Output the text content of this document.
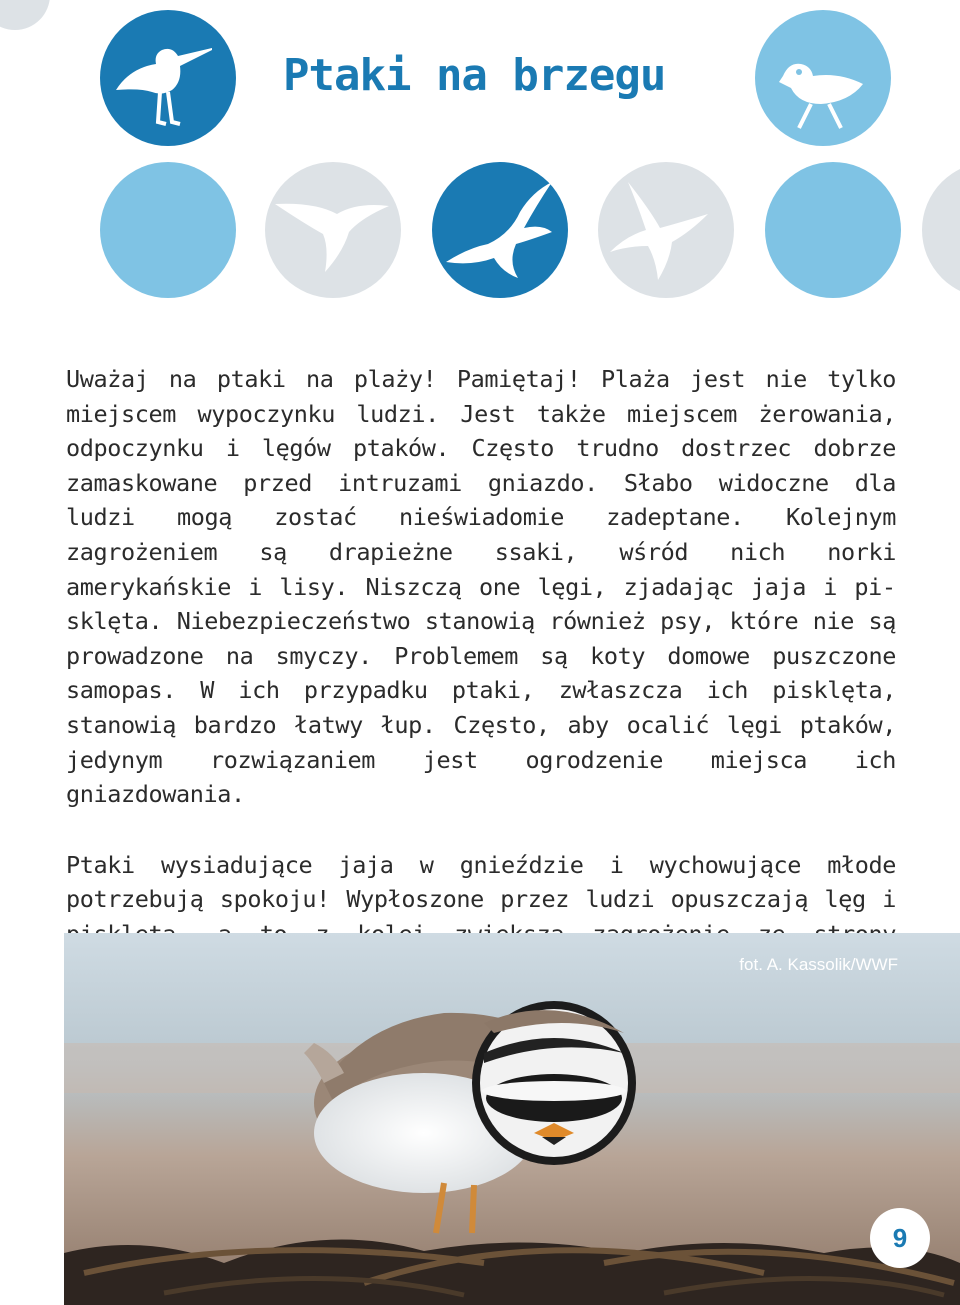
Ptaki na brzegu

Uważaj na ptaki na plaży! Pamiętaj! Plaża jest nie tylko miejscem wypoczynku ludzi. Jest także miejscem żerowania, odpoczynku i lęgów ptaków. Często trudno dostrzec dobrze zamaskowane przed intruzami gniazdo. Słabo widoczne dla ludzi mogą zostać nieświadomie zadeptane. Kolejnym zagrożeniem są drapieżne ssaki, wśród nich norki amerykańskie i lisy. Niszczą one lęgi, zjadając jaja i pisklęta. Niebezpieczeństwo stanowią również psy, które nie są prowadzone na smyczy. Problemem są koty domowe puszczone samopas. W ich przypadku ptaki, zwłaszcza ich pisklęta, stanowią bardzo łatwy łup. Często, aby ocalić lęgi ptaków, jedynym rozwiązaniem jest ogrodzenie miejsca ich gniazdowania.

Ptaki wysiadujące jaja w gnieździe i wychowujące młode potrzebują spokoju! Wypłoszone przez ludzi opuszczają lęg i

fot. A. Kassolik/WWF
9
